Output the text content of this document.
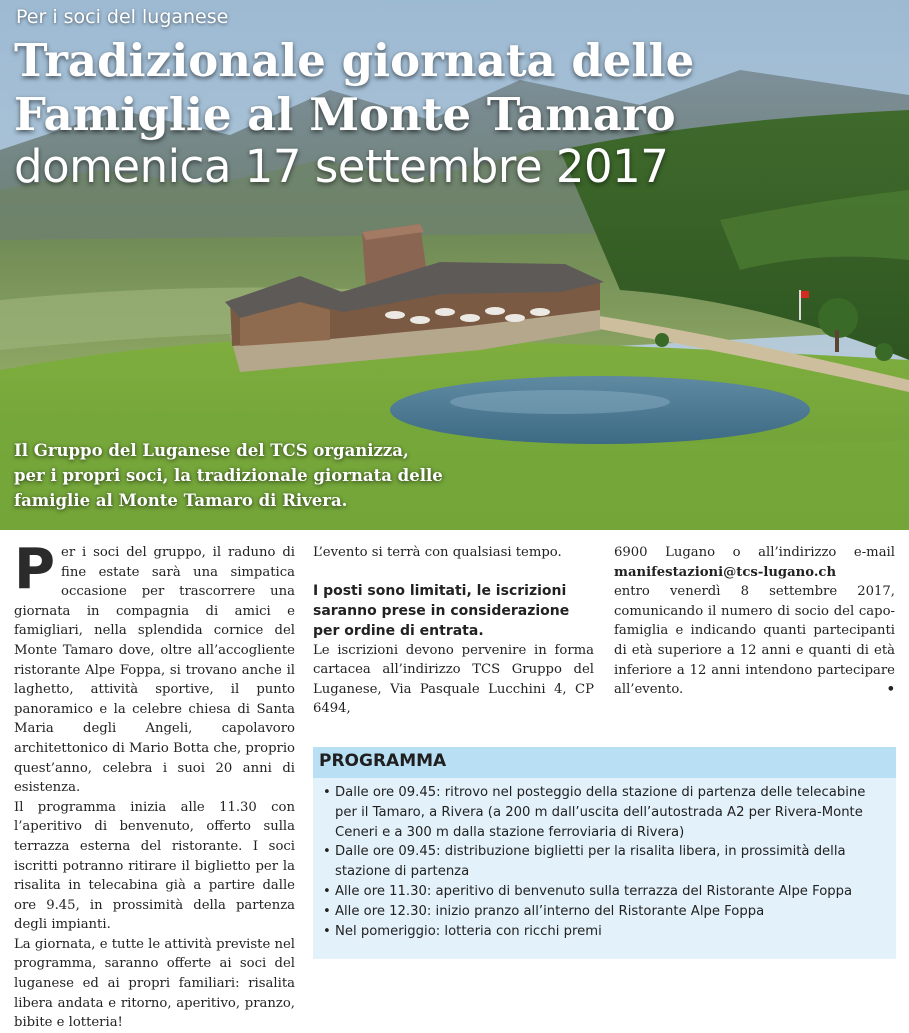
Per i soci del luganese
Tradizionale giornata delle Famiglie al Monte Tamaro
domenica 17 settembre 2017

Il Gruppo del Luganese del TCS organizza, per i propri soci, la tradizionale giornata delle famiglie al Monte Tamaro di Rivera.

Per i soci del gruppo, il raduno di fine estate sarà una simpatica occasione per trascorrere una giornata in compagnia di amici e famigliari, nella splendida cornice del Monte Tamaro dove, oltre all’accogliente ristorante Alpe Foppa, si trovano anche il laghetto, attività sportive, il punto panoramico e la celebre chiesa di Santa Maria degli Angeli, capolavoro architettonico di Mario Botta che, proprio quest’anno, celebra i suoi 20 anni di esistenza.

Il programma inizia alle 11.30 con l’aperitivo di benvenuto, offerto sulla terrazza esterna del ristorante. I soci iscritti potranno ritirare il biglietto per la risalita in telecabina già a partire dalle ore 9.45, in prossimità della partenza degli impianti.

La giornata, e tutte le attività previste nel programma, saranno offerte ai soci del luganese ed ai propri familiari: risalita libera andata e ritorno, aperitivo, pranzo, bibite e lotteria!

L’evento si terrà con qualsiasi tempo.

I posti sono limitati, le iscrizioni saranno prese in considerazione per ordine di entrata.

Le iscrizioni devono pervenire in forma cartacea all’indirizzo TCS Gruppo del Luganese, Via Pasquale Lucchini 4, CP 6494,

6900 Lugano o all’indirizzo e-mail manifestazioni@tcs-lugano.ch

entro venerdì 8 settembre 2017, comunicando il numero di socio del capo-famiglia e indicando quanti partecipanti di età superiore a 12 anni e quanti di età inferiore a 12 anni intendono partecipare all’evento.	•

PROGRAMMA
• Dalle ore 09.45: ritrovo nel posteggio della stazione di partenza delle telecabine per il Tamaro, a Rivera (a 200 m dall’uscita dell’autostrada A2 per Rivera-Monte Ceneri e a 300 m dalla stazione ferroviaria di Rivera)
• Dalle ore 09.45: distribuzione biglietti per la risalita libera, in prossimità della stazione di partenza
• Alle ore 11.30: aperitivo di benvenuto sulla terrazza del Ristorante Alpe Foppa
• Alle ore 12.30: inizio pranzo all’interno del Ristorante Alpe Foppa
• Nel pomeriggio: lotteria con ricchi premi
